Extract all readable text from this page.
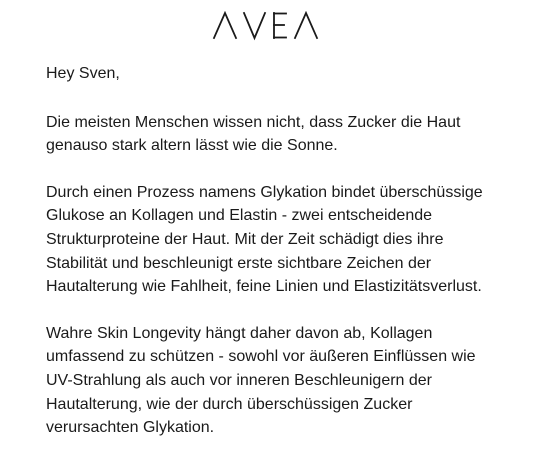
Hey Sven,

Die meisten Menschen wissen nicht, dass Zucker die Haut
genauso stark altern lässt wie die Sonne.

Durch einen Prozess namens Glykation bindet überschüssige
Glukose an Kollagen und Elastin - zwei entscheidende
Strukturproteine der Haut. Mit der Zeit schädigt dies ihre
Stabilität und beschleunigt erste sichtbare Zeichen der
Hautalterung wie Fahlheit, feine Linien und Elastizitätsverlust.

Wahre Skin Longevity hängt daher davon ab, Kollagen
umfassend zu schützen - sowohl vor äußeren Einflüssen wie
UV-Strahlung als auch vor inneren Beschleunigern der
Hautalterung, wie der durch überschüssigen Zucker
verursachten Glykation.
